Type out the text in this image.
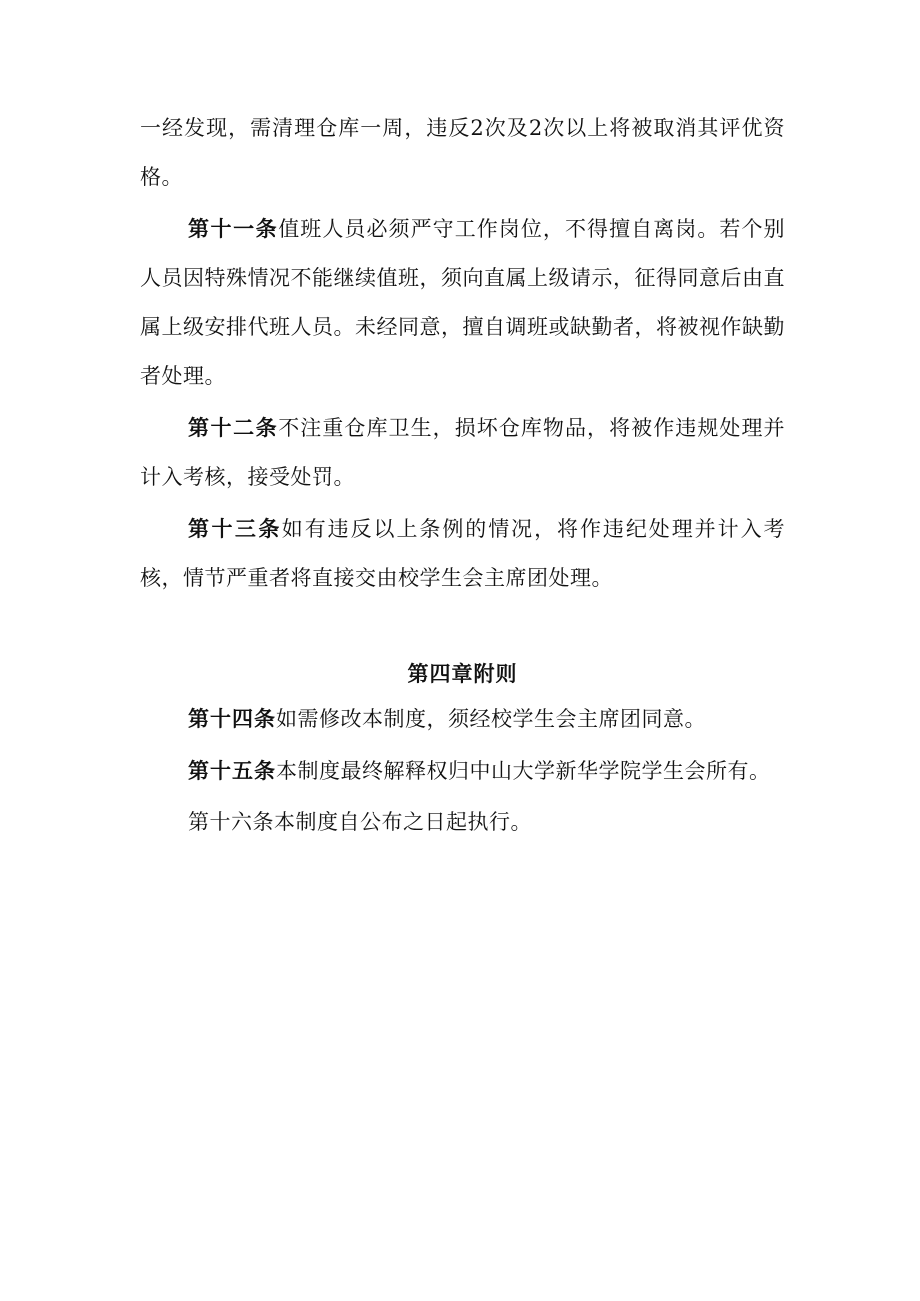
一经发现，需清理仓库一周，违反2次及2次以上将被取消其评优资格。

第十一条值班人员必须严守工作岗位，不得擅自离岗。若个别人员因特殊情况不能继续值班，须向直属上级请示，征得同意后由直属上级安排代班人员。未经同意，擅自调班或缺勤者，将被视作缺勤者处理。

第十二条不注重仓库卫生，损坏仓库物品，将被作违规处理并计入考核，接受处罚。

第十三条如有违反以上条例的情况，将作违纪处理并计入考核，情节严重者将直接交由校学生会主席团处理。

第四章附则

第十四条如需修改本制度，须经校学生会主席团同意。

第十五条本制度最终解释权归中山大学新华学院学生会所有。

第十六条本制度自公布之日起执行。
